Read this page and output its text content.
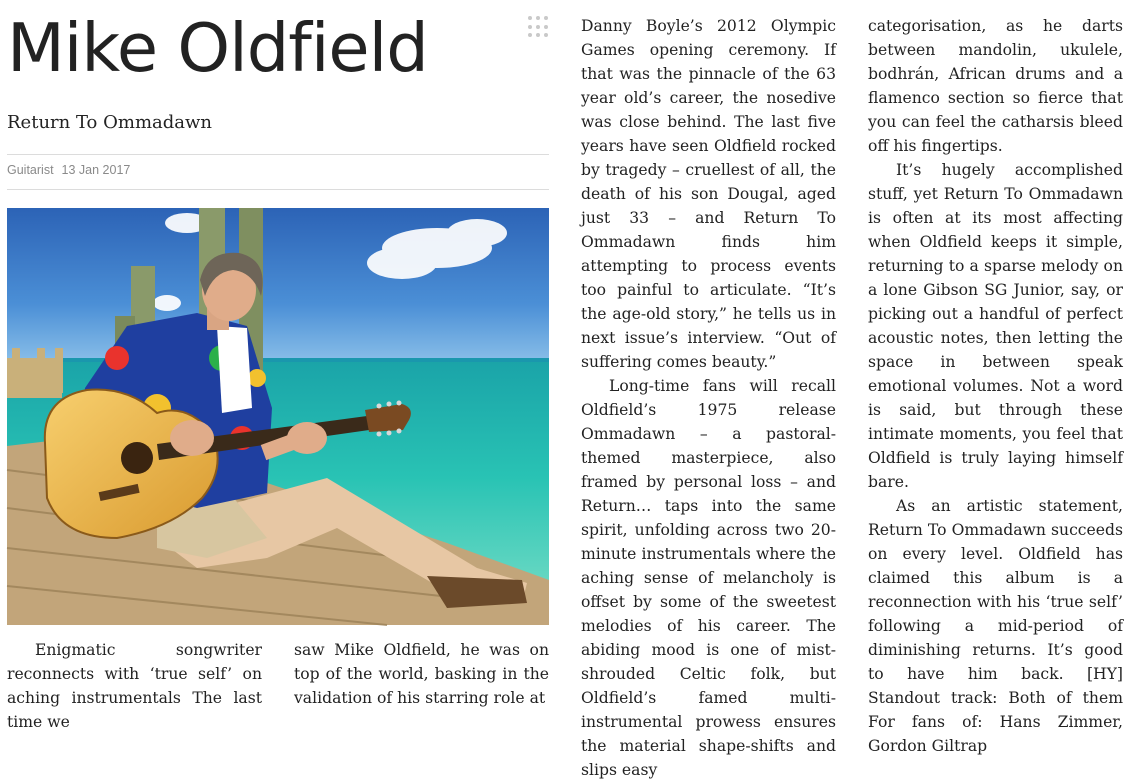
Mike Oldfield
Return To Ommadawn
Guitarist 13 Jan 2017

Enigmatic songwriter reconnects with ‘true self’ on aching instrumentals The last time we

saw Mike Oldfield, he was on top of the world, basking in the validation of his starring role at

Danny Boyle’s 2012 Olympic Games opening ceremony. If that was the pinnacle of the 63 year old’s career, the nosedive was close behind. The last five years have seen Oldfield rocked by tragedy – cruellest of all, the death of his son Dougal, aged just 33 – and Return To Ommadawn finds him attempting to process events too painful to articulate. “It’s the age-old story,” he tells us in next issue’s interview. “Out of suffering comes beauty.”

Long-time fans will recall Oldfield’s 1975 release Ommadawn – a pastoral-themed masterpiece, also framed by personal loss – and Return… taps into the same spirit, unfolding across two 20-minute instrumentals where the aching sense of melancholy is offset by some of the sweetest melodies of his career. The abiding mood is one of mist-shrouded Celtic folk, but Oldfield’s famed multi-instrumental prowess ensures the material shape-shifts and slips easy

categorisation, as he darts between mandolin, ukulele, bodhrán, African drums and a flamenco section so fierce that you can feel the catharsis bleed off his fingertips.

It’s hugely accomplished stuff, yet Return To Ommadawn is often at its most affecting when Oldfield keeps it simple, returning to a sparse melody on a lone Gibson SG Junior, say, or picking out a handful of perfect acoustic notes, then letting the space in between speak emotional volumes. Not a word is said, but through these intimate moments, you feel that Oldfield is truly laying himself bare.

As an artistic statement, Return To Ommadawn succeeds on every level. Oldfield has claimed this album is a reconnection with his ‘true self’ following a mid-period of diminishing returns. It’s good to have him back. [HY] Standout track: Both of them For fans of: Hans Zimmer, Gordon Giltrap
